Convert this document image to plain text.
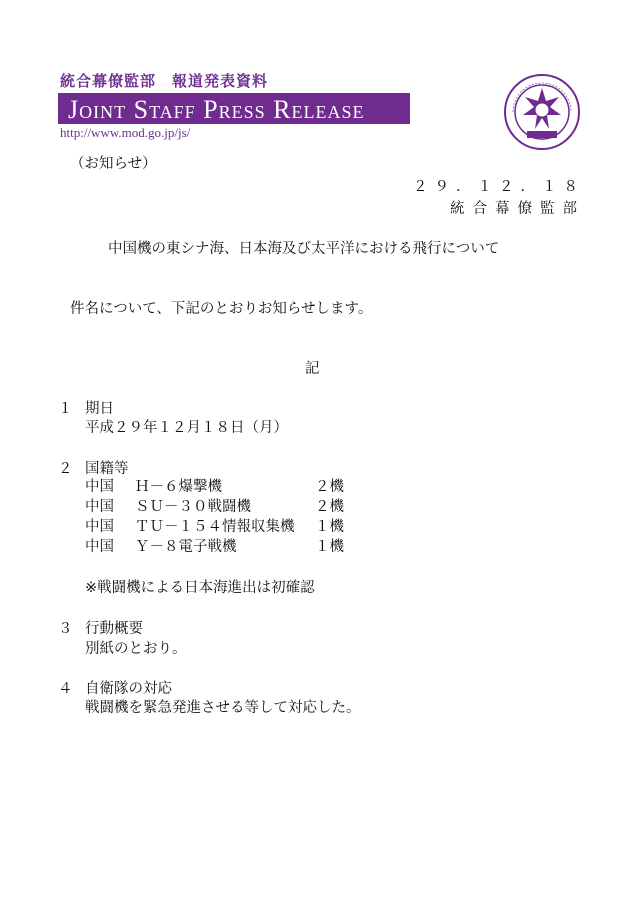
統合幕僚監部　報道発表資料
Joint Staff Press Release
http://www.mod.go.jp/js/
（お知らせ）
２９．１２．１８
統合幕僚監部
中国機の東シナ海、日本海及び太平洋における飛行について
件名について、下記のとおりお知らせします。
記
１ 期日
平成２９年１２月１８日（月）
２ 国籍等
中国	Ｈ－６爆撃機	２機
中国	ＳＵ－３０戦闘機	２機
中国	ＴＵ－１５４情報収集機	１機
中国	Ｙ－８電子戦機	１機
※戦闘機による日本海進出は初確認
３ 行動概要
別紙のとおり。
４ 自衛隊の対応
戦闘機を緊急発進させる等して対応した。
